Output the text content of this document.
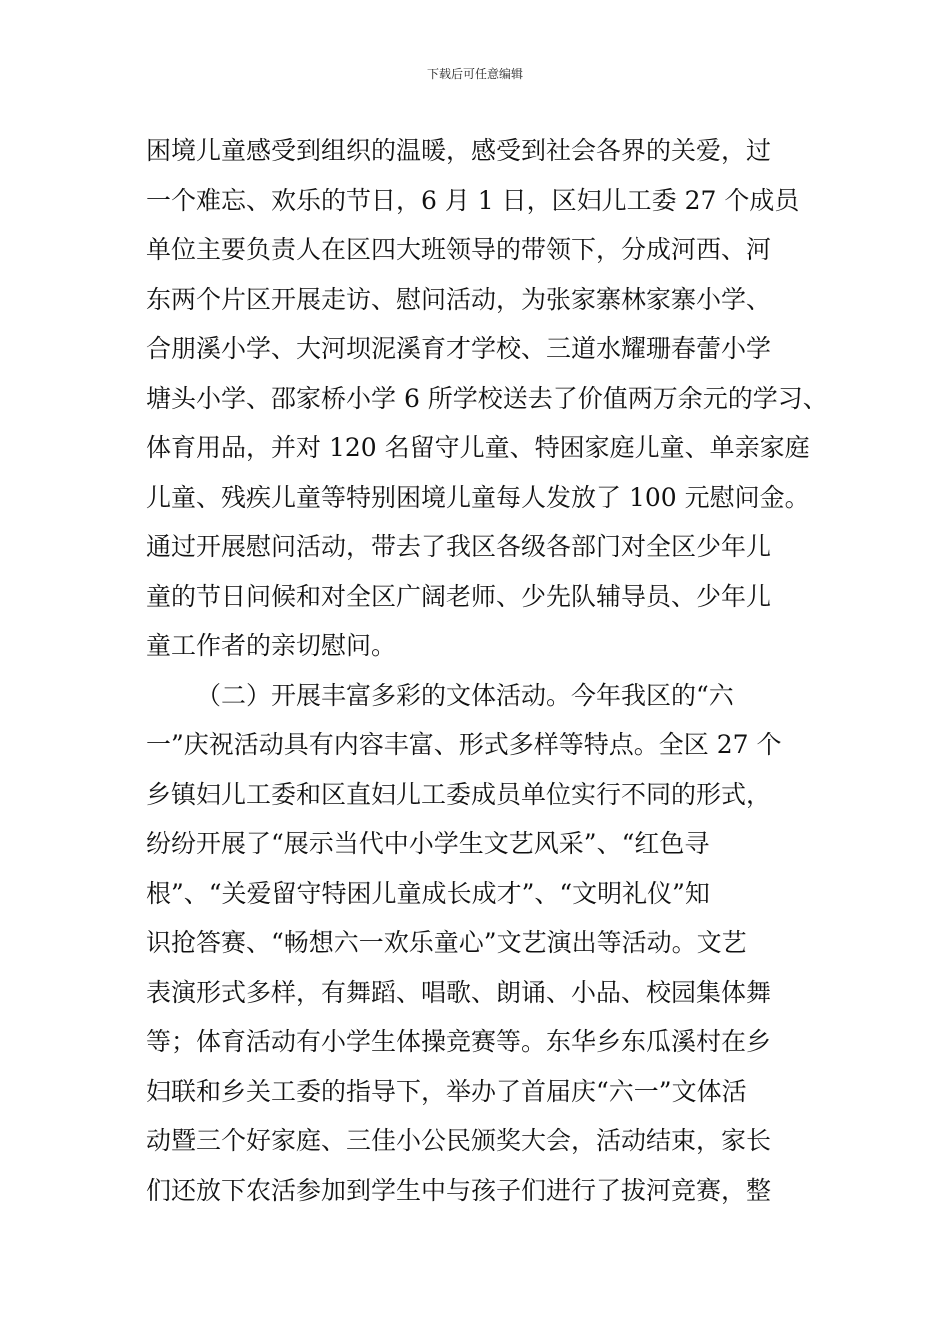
下载后可任意编辑
困境儿童感受到组织的温暖，感受到社会各界的关爱，过
一个难忘、欢乐的节日，6 月 1 日，区妇儿工委 27 个成员
单位主要负责人在区四大班领导的带领下，分成河西、河
东两个片区开展走访、慰问活动，为张家寨林家寨小学、
合朋溪小学、大河坝泥溪育才学校、三道水耀珊春蕾小学
塘头小学、邵家桥小学 6 所学校送去了价值两万余元的学习、
体育用品，并对 120 名留守儿童、特困家庭儿童、单亲家庭
儿童、残疾儿童等特别困境儿童每人发放了 100 元慰问金。
通过开展慰问活动，带去了我区各级各部门对全区少年儿
童的节日问候和对全区广阔老师、少先队辅导员、少年儿
童工作者的亲切慰问。
（二）开展丰富多彩的文体活动。今年我区的“六
一”庆祝活动具有内容丰富、形式多样等特点。全区 27 个
乡镇妇儿工委和区直妇儿工委成员单位实行不同的形式，
纷纷开展了“展示当代中小学生文艺风采”、“红色寻
根”、“关爱留守特困儿童成长成才”、“文明礼仪”知
识抢答赛、“畅想六一欢乐童心”文艺演出等活动。文艺
表演形式多样，有舞蹈、唱歌、朗诵、小品、校园集体舞
等；体育活动有小学生体操竞赛等。东华乡东瓜溪村在乡
妇联和乡关工委的指导下，举办了首届庆“六一”文体活
动暨三个好家庭、三佳小公民颁奖大会，活动结束，家长
们还放下农活参加到学生中与孩子们进行了拔河竞赛，整
